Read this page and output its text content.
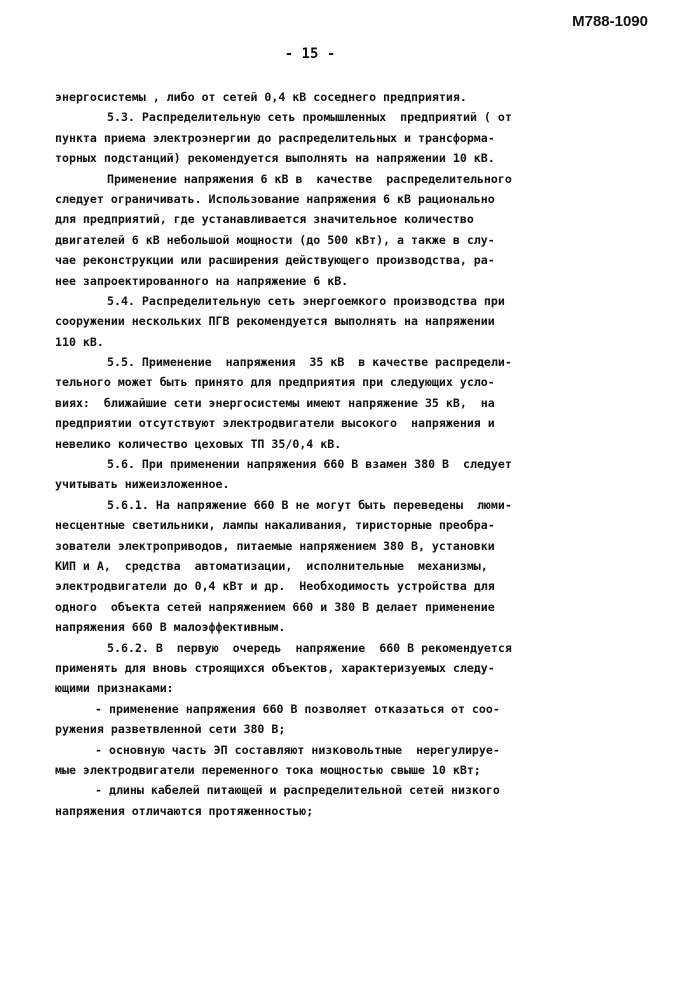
М788-1090
- 15 -
энергосистемы , либо от сетей 0,4 кВ соседнего предприятия.
5.3. Распределительную сеть промышленных  предприятий ( от
пункта приема электроэнергии до распределительных и трансформа-
торных подстанций) рекомендуется выполнять на напряжении 10 кВ.
Применение напряжения 6 кВ в  качестве  распределительного
следует ограничивать. Использование напряжения 6 кВ рационально
для предприятий, где устанавливается значительное количество
двигателей 6 кВ небольшой мощности (до 500 кВт), а также в слу-
чае реконструкции или расширения действующего производства, ра-
нее запроектированного на напряжение 6 кВ.
5.4. Распределительную сеть энергоемкого производства при
сооружении нескольких ПГВ рекомендуется выполнять на напряжении
110 кВ.
5.5. Применение  напряжения  35 кВ  в качестве распредели-
тельного может быть принято для предприятия при следующих усло-
виях:  ближайшие сети энергосистемы имеют напряжение 35 кВ,  на
предприятии отсутствуют электродвигатели высокого  напряжения и
невелико количество цеховых ТП 35/0,4 кВ.
5.6. При применении напряжения 660 В взамен 380 В  следует
учитывать нижеизложенное.
5.6.1. На напряжение 660 В не могут быть переведены  люми-
несцентные светильники, лампы накаливания, тиристорные преобра-
зователи электроприводов, питаемые напряжением 380 В, установки
КИП и А,  средства  автоматизации,  исполнительные  механизмы,
электродвигатели до 0,4 кВт и др.  Необходимость устройства для
одного  объекта сетей напряжением 660 и 380 В делает применение
напряжения 660 В малоэффективным.
5.6.2. В  первую  очередь  напряжение  660 В рекомендуется
применять для вновь строящихся объектов, характеризуемых следу-
ющими признаками:
- применение напряжения 660 В позволяет отказаться от соо-
ружения разветвленной сети 380 В;
- основную часть ЭП составляют низковольтные  нерегулируе-
мые электродвигатели переменного тока мощностью свыше 10 кВт;
- длины кабелей питающей и распределительной сетей низкого
напряжения отличаются протяженностью;
